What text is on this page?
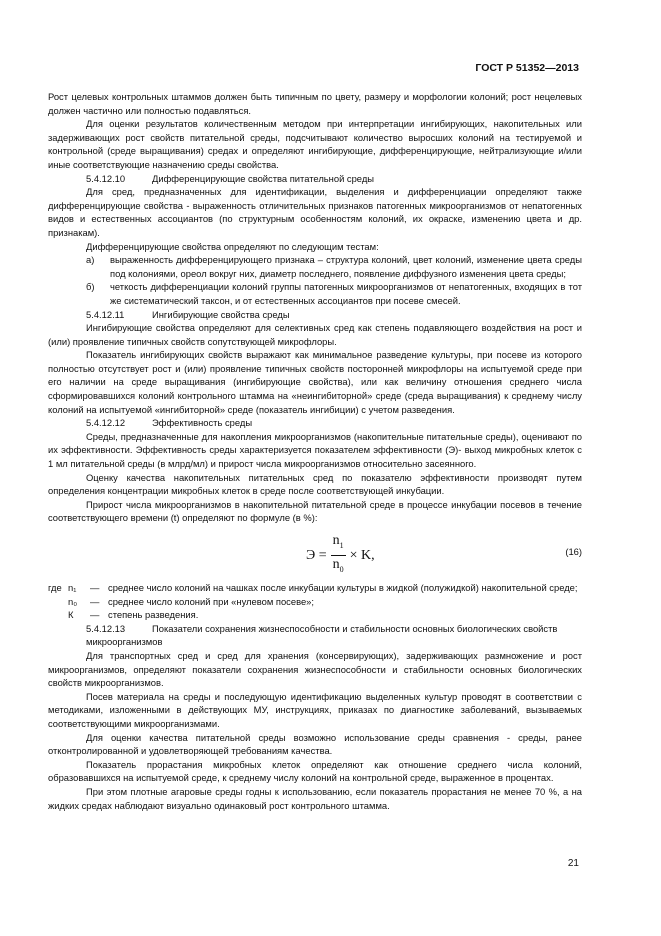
ГОСТ Р 51352—2013

Рост целевых контрольных штаммов должен быть типичным по цвету, размеру и морфологии колоний; рост нецелевых должен частично или полностью подавляться.

Для оценки результатов количественным методом при интерпретации ингибирующих, накопительных или задерживающих рост свойств питательной среды, подсчитывают количество выросших колоний на тестируемой и контрольной (среде выращивания) средах и определяют ингибирующие, дифференцирующие, нейтрализующие и/или иные соответствующие назначению среды свойства.

5.4.12.10	Дифференцирующие свойства питательной среды

Для сред, предназначенных для идентификации, выделения и дифференциации определяют также дифференцирующие свойства - выраженность отличительных признаков патогенных микроорганизмов от непатогенных видов и естественных ассоциантов (по структурным особенностям колоний, их окраске, изменению цвета и др. признакам).

Дифференцирующие свойства определяют по следующим тестам:

а)	выраженность дифференцирующего признака – структура колоний, цвет колоний, изменение цвета среды под колониями, ореол вокруг них, диаметр последнего, появление диффузного изменения цвета среды;
б)	четкость дифференциации колоний группы патогенных микроорганизмов от непатогенных, входящих в тот же систематический таксон, и от естественных ассоциантов при посеве смесей.

5.4.12.11	Ингибирующие свойства среды

Ингибирующие свойства определяют для селективных сред как степень подавляющего воздействия на рост и (или) проявление типичных свойств сопутствующей микрофлоры.

Показатель ингибирующих свойств выражают как минимальное разведение культуры, при посеве из которого полностью отсутствует рост и (или) проявление типичных свойств посторонней микрофлоры на испытуемой среде при его наличии на среде выращивания (ингибирующие свойства), или как величину отношения среднего числа сформировавшихся колоний контрольного штамма на «неингибиторной» среде (среда выращивания) к среднему числу колоний на испытуемой «ингибиторной» среде (показатель ингибиции) с учетом разведения.

5.4.12.12	Эффективность среды

Среды, предназначенные для накопления микроорганизмов (накопительные питательные среды), оценивают по их эффективности. Эффективность среды характеризуется показателем эффективности (Э)- выход микробных клеток с 1 мл питательной среды (в млрд/мл) и прирост числа микроорганизмов относительно засеянного.

Оценку качества накопительных питательных сред по показателю эффективности производят путем определения концентрации микробных клеток в среде после соответствующей инкубации.

Прирост числа микроорганизмов в накопительной питательной среде в процессе инкубации посевов в течение соответствующего времени (t) определяют по формуле (в %):

$Э = \frac{n_1}{n_0} \times K$,	(16)
где n₁	— среднее число колоний на чашках после инкубации культуры в жидкой (полужидкой) накопительной среде;
n₀	— среднее число колоний при «нулевом посеве»;
К	— степень разведения.

5.4.12.13	Показатели сохранения жизнеспособности и стабильности основных биологических свойств микроорганизмов

Для транспортных сред и сред для хранения (консервирующих), задерживающих размножение и рост микроорганизмов, определяют показатели сохранения жизнеспособности и стабильности основных биологических свойств микроорганизмов.

Посев материала на среды и последующую идентификацию выделенных культур проводят в соответствии с методиками, изложенными в действующих МУ, инструкциях, приказах по диагностике заболеваний, вызываемых соответствующими микроорганизмами.

Для оценки качества питательной среды возможно использование среды сравнения - среды, ранее отконтролированной и удовлетворяющей требованиям качества.

Показатель прорастания микробных клеток определяют как отношение среднего числа колоний, образовавшихся на испытуемой среде, к среднему числу колоний на контрольной среде, выраженное в процентах.

При этом плотные агаровые среды годны к использованию, если показатель прорастания не менее 70 %, а на жидких средах наблюдают визуально одинаковый рост контрольного штамма.

21
